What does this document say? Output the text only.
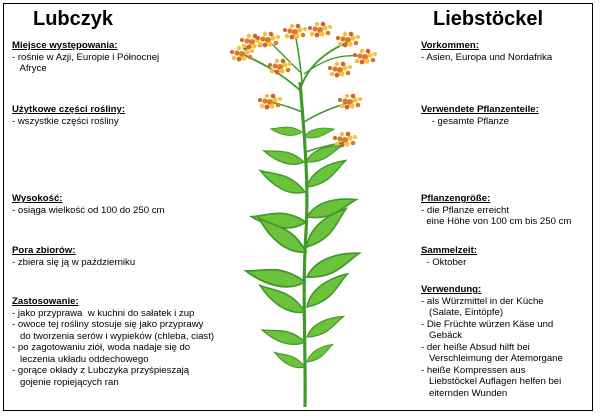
Lubczyk	Liebstöckel
Miejsce występowania:
- rośnie w Azji, Europie i Północnej
Afryce
Użytkowe części rośliny:
- wszystkie części rośliny
Wysokość:
- osiąga wielkość od 100 do 250 cm
Pora zbiorów:
- zbiera się ją w październiku
Zastosowanie:
- jako przyprawa  w kuchni do sałatek i zup
- owoce tej rośliny stosuje się jako przyprawy
do tworzenia serów i wypieków (chleba, ciast)
- po zagotowaniu ziół, woda nadaje się do
leczenia układu oddechowego
- gorące okłady z Lubczyka przyśpieszają
gojenie ropiejących ran
Vorkommen:
- Asien, Europa und Nordafrika
Verwendete Pflanzenteile:
- gesamte Pflanze
Pflanzengröße:
- die Pflanze erreicht
eine Höhe von 100 cm bis 250 cm
Sammelzeit:
- Oktober
Verwendung:
- als Würzmittel in der Küche
(Salate, Eintöpfe)
- Die Früchte würzen Käse und
Gebäck
- der heiße Absud hilft bei
Verschleimung der Atemorgane
- heiße Kompressen aus
Liebstöckel Auflagen helfen bei
eiternden Wunden
